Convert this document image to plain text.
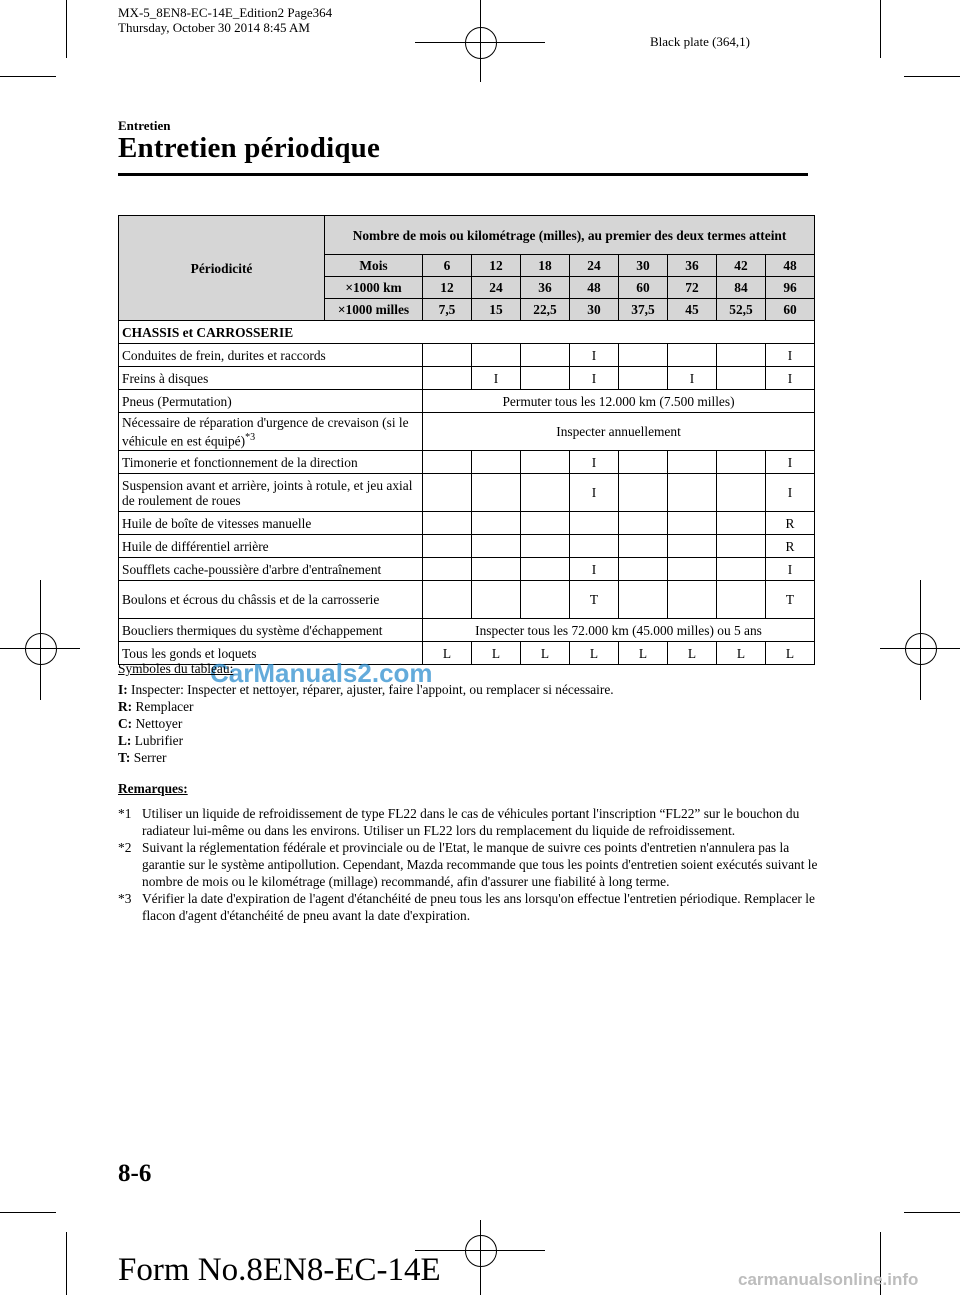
MX-5_8EN8-EC-14E_Edition2 Page364
Thursday, October 30 2014 8:45 AM
Black plate (364,1)
Entretien
Entretien périodique
Périodicité	Nombre de mois ou kilométrage (milles), au premier des deux termes atteint								
	Mois	6	12	18	24	30	36	42	48
	×1000 km	12	24	36	48	60	72	84	96
	×1000 milles	7,5	15	22,5	30	37,5	45	52,5	60
CHASSIS et CARROSSERIE									
Conduites de frein, durites et raccords					I				I
Freins à disques			I		I		I		I
Pneus (Permutation)		Permuter tous les 12.000 km (7.500 milles)							
Nécessaire de réparation d'urgence de crevaison (si le véhicule en est équipé)$^{*3}$		Inspecter annuellement							
Timonerie et fonctionnement de la direction					I				I
Suspension avant et arrière, joints à rotule, et jeu axial de roulement de roues					I				I
Huile de boîte de vitesses manuelle									R
Huile de différentiel arrière									R
Soufflets cache-poussière d'arbre d'entraînement					I				I
Boulons et écrous du châssis et de la carrosserie					T				T
Boucliers thermiques du système d'échappement		Inspecter tous les 72.000 km (45.000 milles) ou 5 ans							
Tous les gonds et loquets		L	L	L	L	L	L	L	L
CarManuals2.com
Symboles du tableau:
I: Inspecter: Inspecter et nettoyer, réparer, ajuster, faire l'appoint, ou remplacer si nécessaire.
R: Remplacer
C: Nettoyer
L: Lubrifier
T: Serrer
Remarques:
*1 Utiliser un liquide de refroidissement de type FL22 dans le cas de véhicules portant l'inscription “FL22” sur le bouchon du radiateur lui-même ou dans les environs. Utiliser un FL22 lors du remplacement du liquide de refroidissement.
*2 Suivant la réglementation fédérale et provinciale ou de l'Etat, le manque de suivre ces points d'entretien n'annulera pas la garantie sur le système antipollution. Cependant, Mazda recommande que tous les points d'entretien soient exécutés suivant le nombre de mois ou le kilométrage (millage) recommandé, afin d'assurer une fiabilité à long terme.
*3 Vérifier la date d'expiration de l'agent d'étanchéité de pneu tous les ans lorsqu'on effectue l'entretien périodique. Remplacer le flacon d'agent d'étanchéité de pneu avant la date d'expiration.
8-6
Form No.8EN8-EC-14E	carmanualsonline.info
